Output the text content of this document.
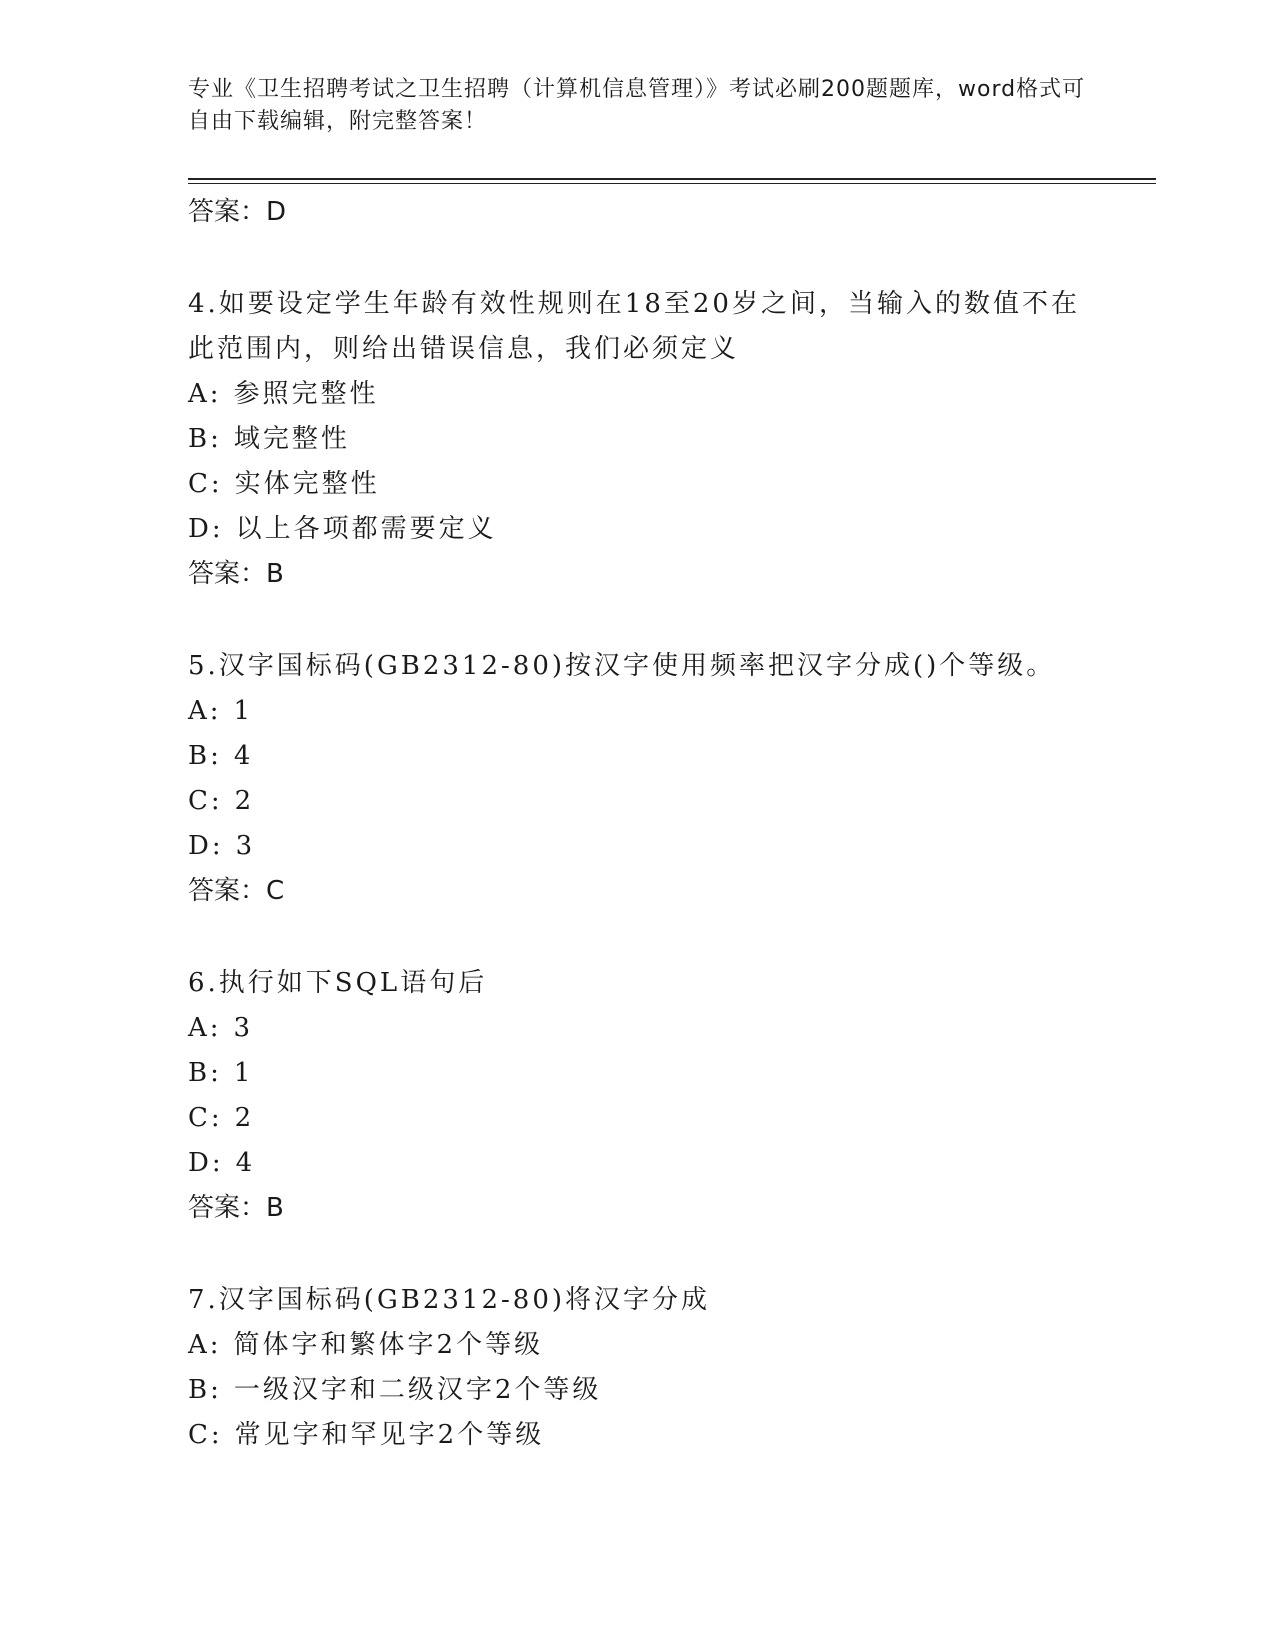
专业《卫生招聘考试之卫生招聘（计算机信息管理）》考试必刷200题题库，word格式可自由下载编辑，附完整答案！

答案：D

4.如要设定学生年龄有效性规则在18至20岁之间，当输入的数值不在此范围内，则给出错误信息，我们必须定义

A: 参照完整性

B: 域完整性

C: 实体完整性

D: 以上各项都需要定义

答案：B

5.汉字国标码(GB2312-80)按汉字使用频率把汉字分成()个等级。

A: 1

B: 4

C: 2

D: 3

答案：C

6.执行如下SQL语句后

A: 3

B: 1

C: 2

D: 4

答案：B

7.汉字国标码(GB2312-80)将汉字分成

A: 简体字和繁体字2个等级

B: 一级汉字和二级汉字2个等级

C: 常见字和罕见字2个等级
